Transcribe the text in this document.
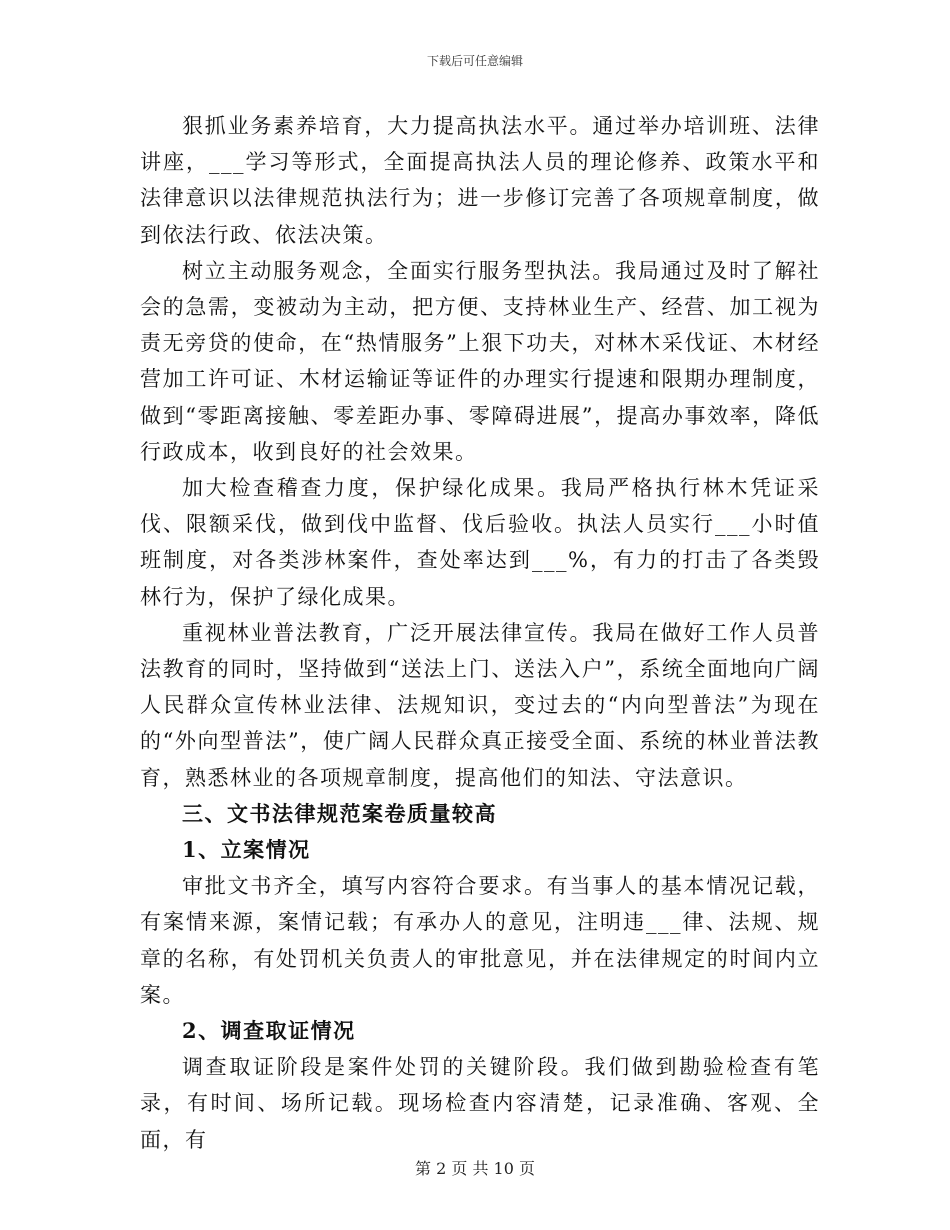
下载后可任意编辑

狠抓业务素养培育，大力提高执法水平。通过举办培训班、法律讲座，___学习等形式，全面提高执法人员的理论修养、政策水平和法律意识以法律规范执法行为；进一步修订完善了各项规章制度，做到依法行政、依法决策。

树立主动服务观念，全面实行服务型执法。我局通过及时了解社会的急需，变被动为主动，把方便、支持林业生产、经营、加工视为责无旁贷的使命，在“热情服务”上狠下功夫，对林木采伐证、木材经营加工许可证、木材运输证等证件的办理实行提速和限期办理制度，做到“零距离接触、零差距办事、零障碍进展”，提高办事效率，降低行政成本，收到良好的社会效果。

加大检查稽查力度，保护绿化成果。我局严格执行林木凭证采伐、限额采伐，做到伐中监督、伐后验收。执法人员实行___小时值班制度，对各类涉林案件，查处率达到___%，有力的打击了各类毁林行为，保护了绿化成果。

重视林业普法教育，广泛开展法律宣传。我局在做好工作人员普法教育的同时，坚持做到“送法上门、送法入户”，系统全面地向广阔人民群众宣传林业法律、法规知识，变过去的“内向型普法”为现在的“外向型普法”，使广阔人民群众真正接受全面、系统的林业普法教育，熟悉林业的各项规章制度，提高他们的知法、守法意识。

三、文书法律规范案卷质量较高

1、立案情况

审批文书齐全，填写内容符合要求。有当事人的基本情况记载，有案情来源，案情记载；有承办人的意见，注明违___律、法规、规章的名称，有处罚机关负责人的审批意见，并在法律规定的时间内立案。

2、调查取证情况

调查取证阶段是案件处罚的关键阶段。我们做到勘验检查有笔录，有时间、场所记载。现场检查内容清楚，记录准确、客观、全面，有

第 2 页 共 10 页
